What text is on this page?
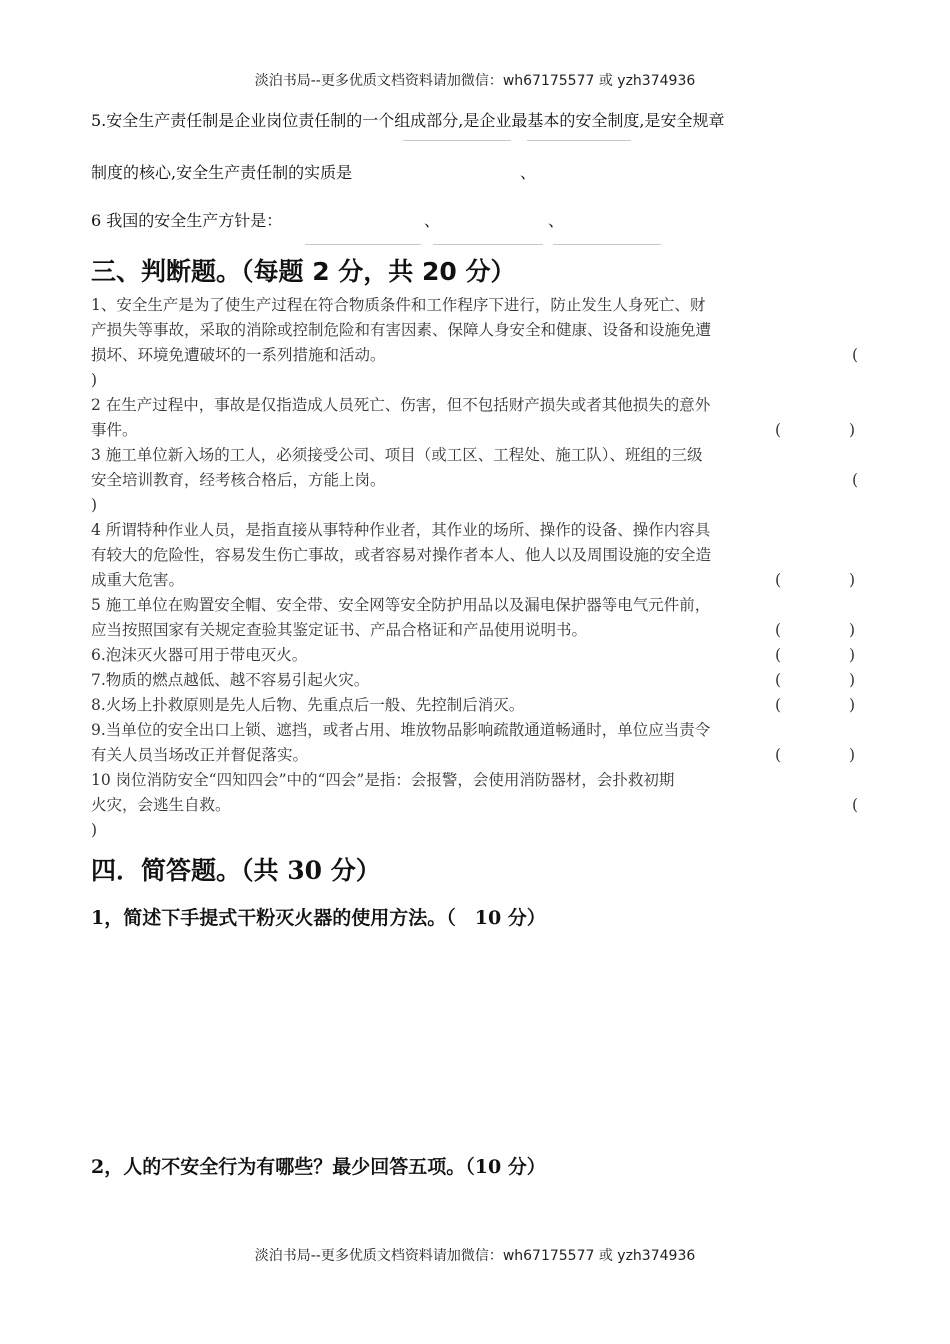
淡泊书局--更多优质文档资料请加微信：wh67175577 或 yzh374936
5.安全生产责任制是企业岗位责任制的一个组成部分,是企业最基本的安全制度,是安全规章
制度的核心,安全生产责任制的实质是	、
6 我国的安全生产方针是：	、	、
三、判断题。（每题 2 分，共 20 分）
1、安全生产是为了使生产过程在符合物质条件和工作程序下进行，防止发生人身死亡、财
产损失等事故，采取的消除或控制危险和有害因素、保障人身安全和健康、设备和设施免遭
损坏、环境免遭破坏的一系列措施和活动。	(
)
2 在生产过程中，事故是仅指造成人员死亡、伤害，但不包括财产损失或者其他损失的意外
事件。	(	)
3 施工单位新入场的工人，必须接受公司、项目（或工区、工程处、施工队）、班组的三级
安全培训教育，经考核合格后，方能上岗。	(
)
4 所谓特种作业人员，是指直接从事特种作业者，其作业的场所、操作的设备、操作内容具
有较大的危险性，容易发生伤亡事故，或者容易对操作者本人、他人以及周围设施的安全造
成重大危害。	(	)
5 施工单位在购置安全帽、安全带、安全网等安全防护用品以及漏电保护器等电气元件前，
应当按照国家有关规定查验其鉴定证书、产品合格证和产品使用说明书。	(	)
6.泡沫灭火器可用于带电灭火。	(	)
7.物质的燃点越低、越不容易引起火灾。	(	)
8.火场上扑救原则是先人后物、先重点后一般、先控制后消灭。	(	)
9.当单位的安全出口上锁、遮挡，或者占用、堆放物品影响疏散通道畅通时，单位应当责令
有关人员当场改正并督促落实。	(	)
10 岗位消防安全“四知四会”中的“四会”是指：会报警，会使用消防器材，会扑救初期
火灾，会逃生自救。	(
)
四．简答题。（共 30 分）
1，简述下手提式干粉灭火器的使用方法。（　10 分）
2，人的不安全行为有哪些？最少回答五项。（10 分）
淡泊书局--更多优质文档资料请加微信：wh67175577 或 yzh374936
